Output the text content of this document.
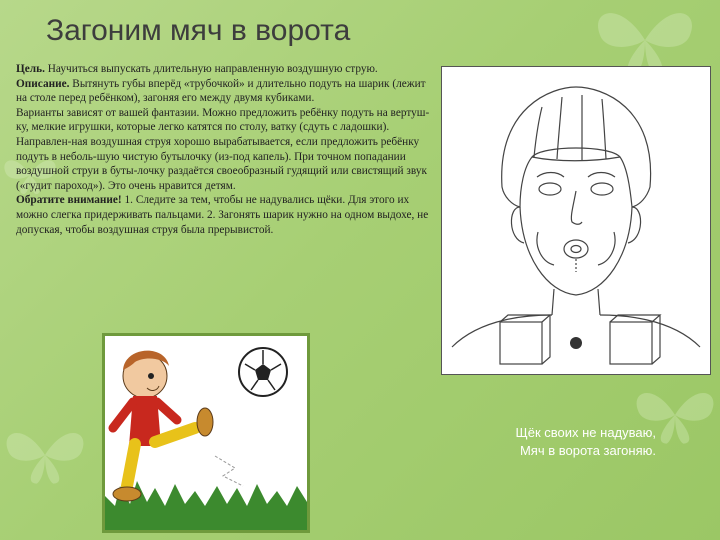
Загоним мяч в ворота

Цель. Научиться выпускать длительную направленную воздушную струю.

Описание. Вытянуть губы вперёд «трубочкой» и длительно подуть на шарик (лежит на столе перед ребёнком), загоняя его между двумя кубиками.

Варианты зависят от вашей фантазии. Можно предложить ребёнку подуть на вертуш-ку, мелкие игрушки, которые легко катятся по столу, ватку (сдуть с ладошки). Направлен-ная воздушная струя хорошо вырабатывается, если предложить ребёнку подуть в неболь-шую чистую бутылочку (из-под капель). При точном попадании воздушной струи в буты-лочку раздаётся своеобразный гудящий или свистящий звук («гудит пароход»). Это очень нравится детям.

Обратите внимание! 1. Следите за тем, чтобы не надувались щёки. Для этого их можно слегка придерживать пальцами. 2. Загонять шарик нужно на одном выдохе, не допуская, чтобы воздушная струя была прерывистой.

Щёк своих не надуваю,
Мяч в ворота загоняю.
